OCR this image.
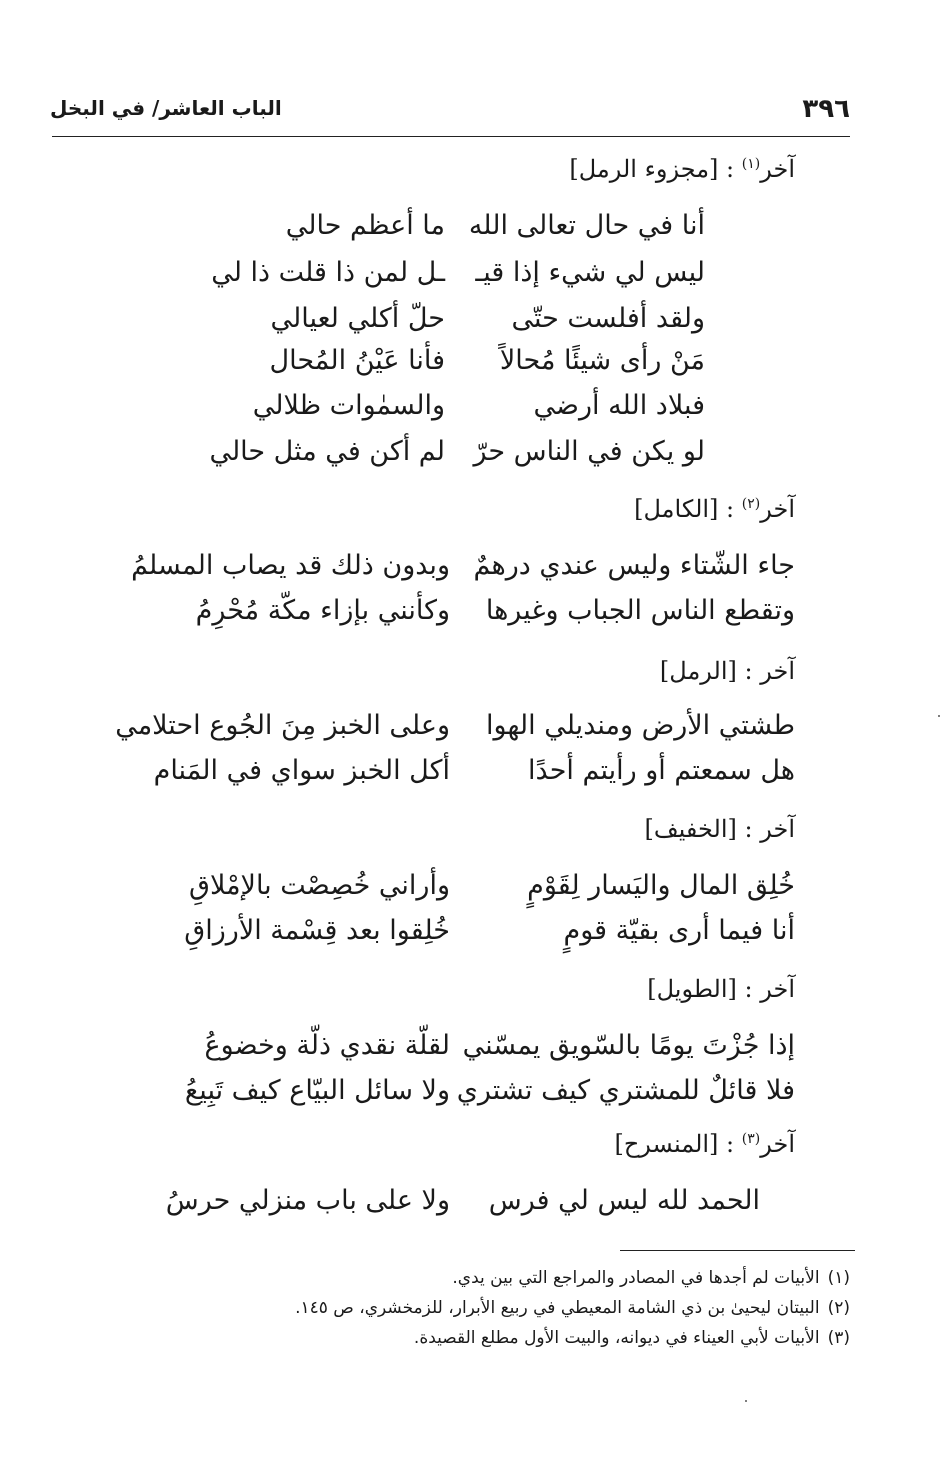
٣٩٦
الباب العاشر/ في البخل
آخر$^{(١)}$ : [مجزوء الرمل]
أنا في حال تعالى الله
ما أعظم حالي
ليس لي شيء إذا قيـ
ـل لمن ذا قلت ذا لي
ولقد أفلست حتّى
حلّ أكلي لعيالي
مَنْ رأى شيئًا مُحالاً
فأنا عَيْنُ المُحال
فبلاد الله أرضي
والسمٰوات ظلالي
لو يكن في الناس حرّ
لم أكن في مثل حالي
آخر$^{(٢)}$ : [الكامل]
جاء الشّتاء وليس عندي درهمٌ
وبدون ذلك قد يصاب المسلمُ
وتقطع الناس الجباب وغيرها
وكأنني بإزاء مكّة مُحْرِمُ
آخر : [الرمل]
طشتي الأرض ومنديلي الهوا
وعلى الخبز مِنَ الجُوع احتلامي
هل سمعتم أو رأيتم أحدًا
أكل الخبز سواي في المَنام
آخر : [الخفيف]
خُلِق المال واليَسار لِقَوْمٍ
وأراني خُصِصْت بالإمْلاقِ
أنا فيما أرى بقيّة قومٍ
خُلِقوا بعد قِسْمة الأرزاقِ
آخر : [الطويل]
إذا جُزْتَ يومًا بالسّويق يمسّني
لقلّة نقدي ذلّة وخضوعُ
فلا قائلٌ للمشتري كيف تشتري
ولا سائل البيّاع كيف تَبِيعُ
آخر$^{(٣)}$ : [المنسرح]
الحمد لله ليس لي فرس
ولا على باب منزلي حرسُ
(١)الأبيات لم أجدها في المصادر والمراجع التي بين يدي.
(٢)البيتان ليحيىٰ بن ذي الشامة المعيطي في ربيع الأبرار، للزمخشري، ص ١٤٥.
(٣)الأبيات لأبي العيناء في ديوانه، والبيت الأول مطلع القصيدة.
